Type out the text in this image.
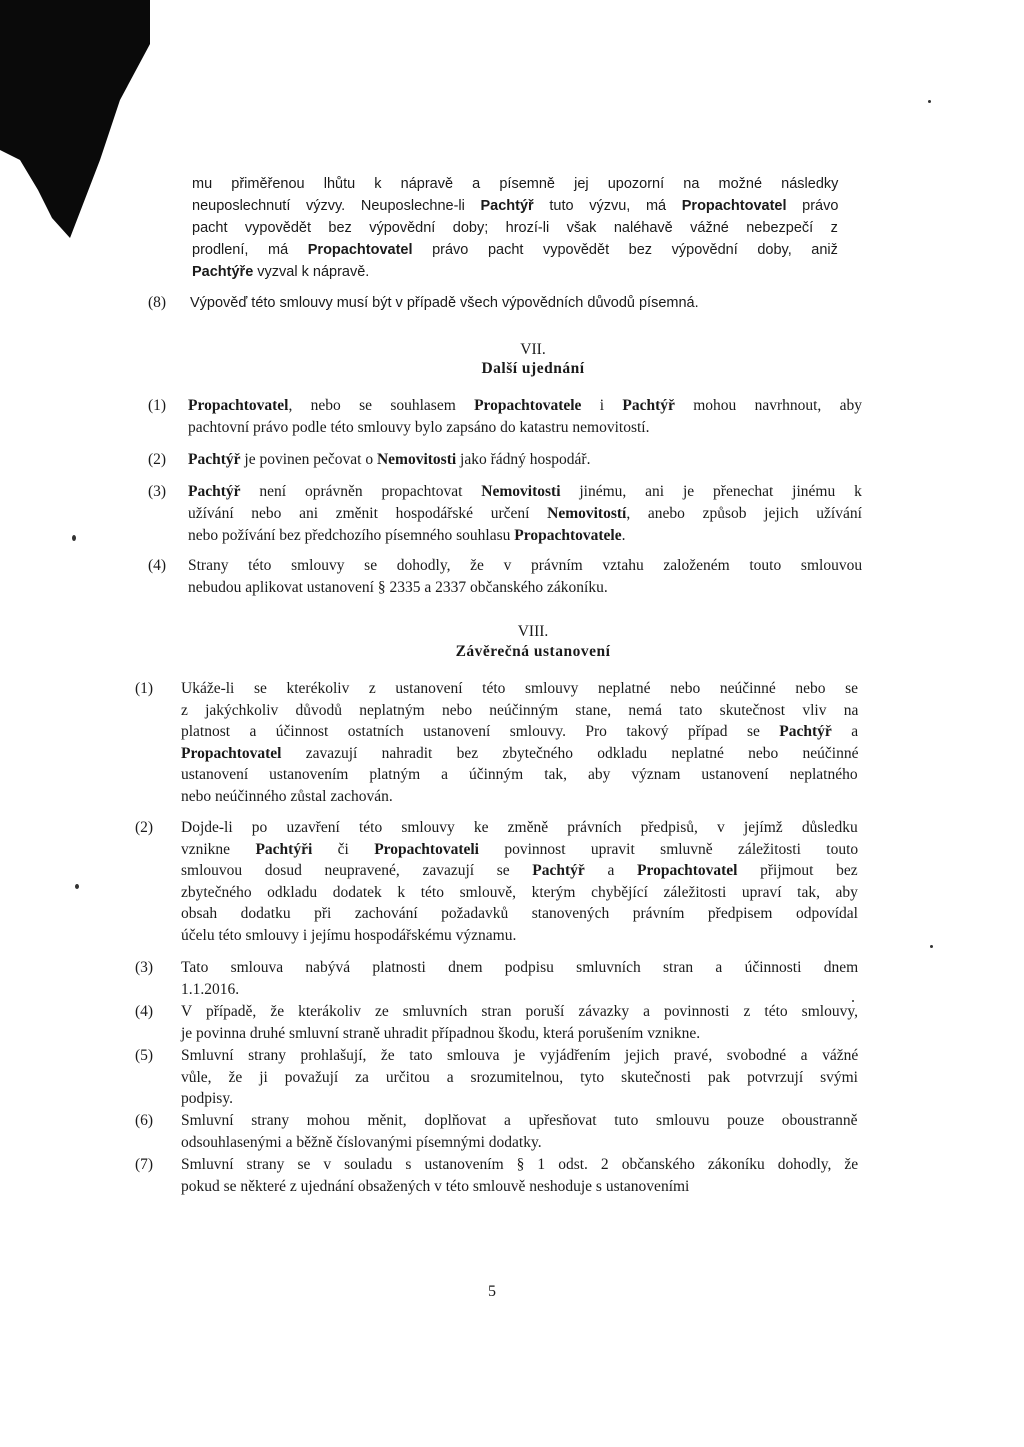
VII.
Další ujednání
VIII.
Závěrečná ustanovení
5
mu přiměřenou lhůtu k nápravě a písemně jej upozorní na možné následky
neuposlechnutí výzvy. Neuposlechne-li Pachtýř tuto výzvu, má Propachtovatel právo
pacht vypovědět bez výpovědní doby; hrozí-li však naléhavě vážné nebezpečí z
prodlení, má Propachtovatel právo pacht vypovědět bez výpovědní doby, aniž
Pachtýře vyzval k nápravě.
(8) Výpověď této smlouvy musí být v případě všech výpovědních důvodů písemná.
(1) Propachtovatel, nebo se souhlasem Propachtovatele i Pachtýř mohou navrhnout, aby
pachtovní právo podle této smlouvy bylo zapsáno do katastru nemovitostí.
(2) Pachtýř je povinen pečovat o Nemovitosti jako řádný hospodář.
(3) Pachtýř není oprávněn propachtovat Nemovitosti jinému, ani je přenechat jinému k
užívání nebo ani změnit hospodářské určení Nemovitostí, anebo způsob jejich užívání
nebo požívání bez předchozího písemného souhlasu Propachtovatele.
(4) Strany této smlouvy se dohodly, že v právním vztahu založeném touto smlouvou
nebudou aplikovat ustanovení § 2335 a 2337 občanského zákoníku.
(1) Ukáže-li se kterékoliv z ustanovení této smlouvy neplatné nebo neúčinné nebo se
z jakýchkoliv důvodů neplatným nebo neúčinným stane, nemá tato skutečnost vliv na
platnost a účinnost ostatních ustanovení smlouvy. Pro takový případ se Pachtýř a
Propachtovatel zavazují nahradit bez zbytečného odkladu neplatné nebo neúčinné
ustanovení ustanovením platným a účinným tak, aby význam ustanovení neplatného
nebo neúčinného zůstal zachován.
(2) Dojde-li po uzavření této smlouvy ke změně právních předpisů, v jejímž důsledku
vznikne Pachtýři či Propachtovateli povinnost upravit smluvně záležitosti touto
smlouvou dosud neupravené, zavazují se Pachtýř a Propachtovatel přijmout bez
zbytečného odkladu dodatek k této smlouvě, kterým chybějící záležitosti upraví tak, aby
obsah dodatku při zachování požadavků stanovených právním předpisem odpovídal
účelu této smlouvy i jejímu hospodářskému významu.
(3) Tato smlouva nabývá platnosti dnem podpisu smluvních stran a účinnosti dnem
1.1.2016.
(4) V případě, že kterákoliv ze smluvních stran poruší závazky a povinnosti z této smlouvy,
je povinna druhé smluvní straně uhradit případnou škodu, která porušením vznikne.
(5) Smluvní strany prohlašují, že tato smlouva je vyjádřením jejich pravé, svobodné a vážné
vůle, že ji považují za určitou a srozumitelnou, tyto skutečnosti pak potvrzují svými
podpisy.
(6) Smluvní strany mohou měnit, doplňovat a upřesňovat tuto smlouvu pouze oboustranně
odsouhlasenými a běžně číslovanými písemnými dodatky.
(7) Smluvní strany se v souladu s ustanovením § 1 odst. 2 občanského zákoníku dohodly, že
pokud se některé z ujednání obsažených v této smlouvě neshoduje s ustanoveními
